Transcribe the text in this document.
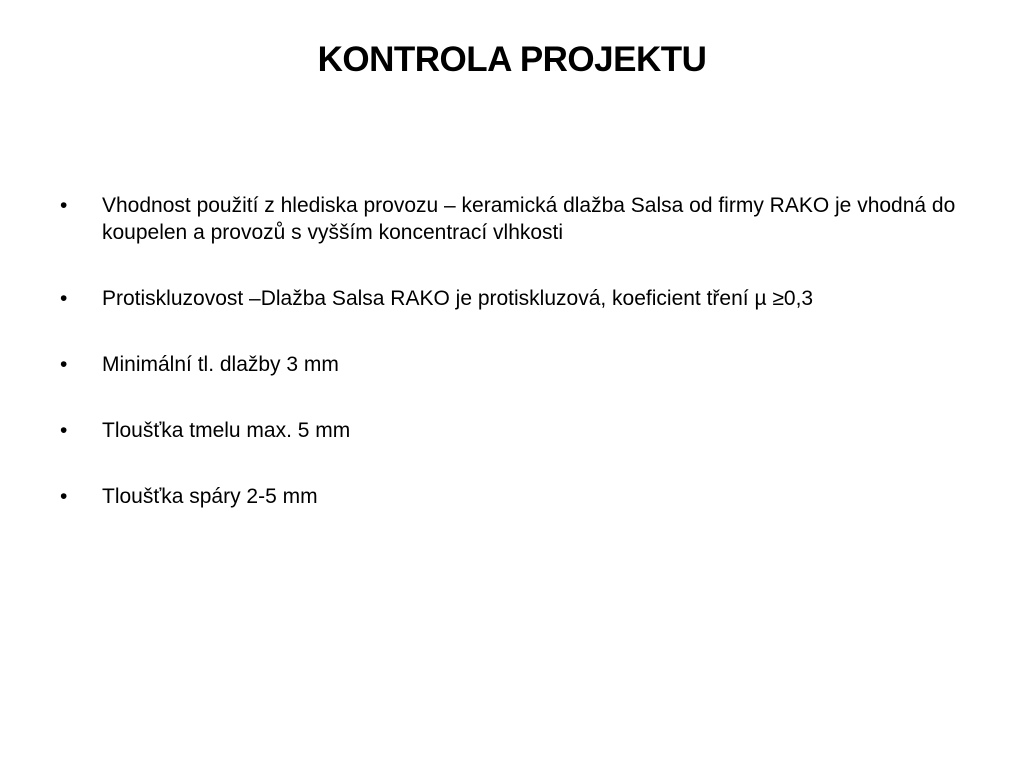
KONTROLA PROJEKTU
•	Vhodnost použití z hlediska provozu – keramická dlažba Salsa od firmy RAKO je vhodná do koupelen a provozů s vyšším koncentrací vlhkosti
•	Protiskluzovost –Dlažba Salsa RAKO je protiskluzová, koeficient tření µ ≥0,3
•	Minimální tl. dlažby 3 mm
•	Tloušťka tmelu max. 5 mm
•	Tloušťka spáry 2-5 mm
